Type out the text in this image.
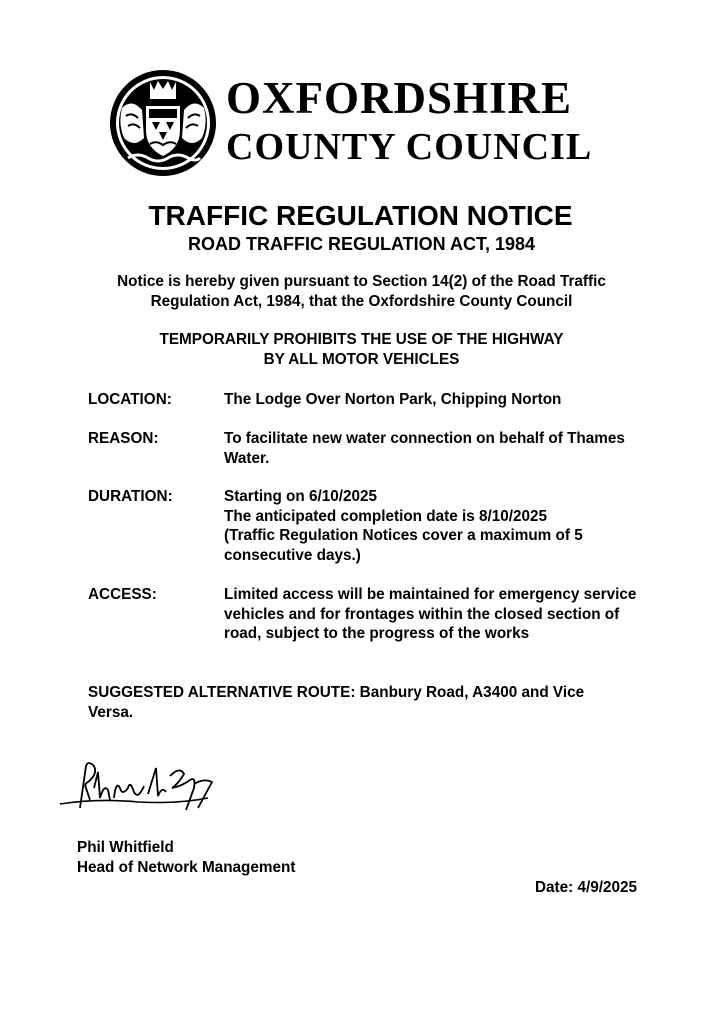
OXFORDSHIRE
COUNTY COUNCIL
TRAFFIC REGULATION NOTICE
ROAD TRAFFIC REGULATION ACT, 1984
Notice is hereby given pursuant to Section 14(2) of the Road Traffic
Regulation Act, 1984, that the Oxfordshire County Council
TEMPORARILY PROHIBITS THE USE OF THE HIGHWAY
BY ALL MOTOR VEHICLES
LOCATION:	The Lodge Over Norton Park, Chipping Norton
REASON:	To facilitate new water connection on behalf of Thames
Water.
DURATION:	Starting on 6/10/2025
The anticipated completion date is 8/10/2025
(Traffic Regulation Notices cover a maximum of 5
consecutive days.)
ACCESS:	Limited access will be maintained for emergency service
vehicles and for frontages within the closed section of
road, subject to the progress of the works
SUGGESTED ALTERNATIVE ROUTE: Banbury Road, A3400 and Vice
Versa.
Phil Whitfield
Head of Network Management
Date: 4/9/2025
